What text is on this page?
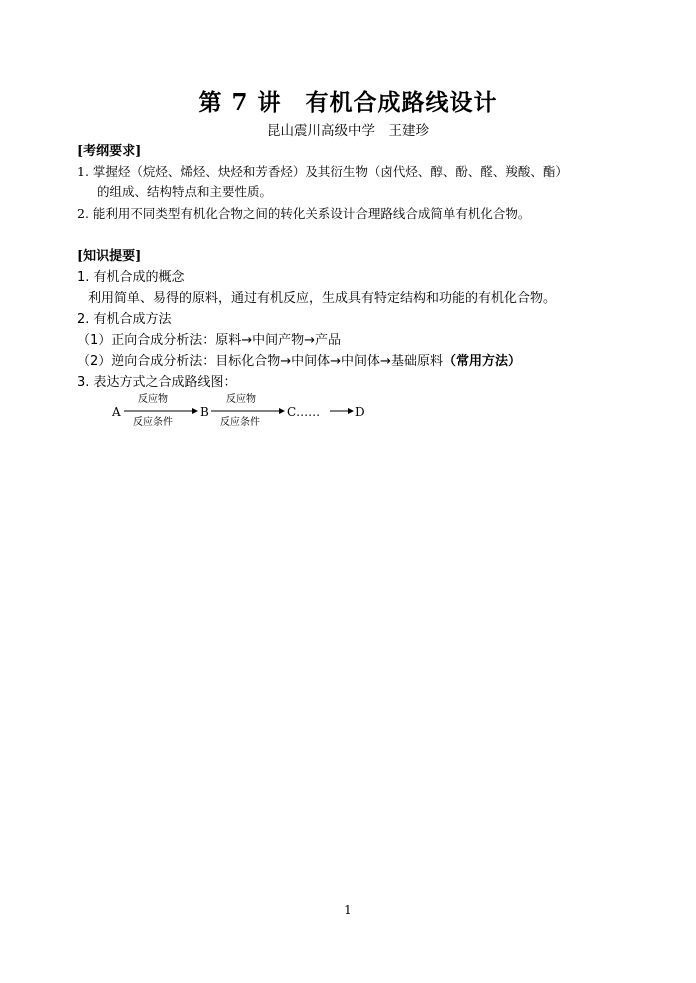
第 7 讲　有机合成路线设计
昆山震川高级中学　王建珍
[考纲要求]
1. 掌握烃（烷烃、烯烃、炔烃和芳香烃）及其衍生物（卤代烃、醇、酚、醛、羧酸、酯）
的组成、结构特点和主要性质。
2. 能利用不同类型有机化合物之间的转化关系设计合理路线合成简单有机化合物。
[知识提要]
1. 有机合成的概念
利用简单、易得的原料，通过有机反应，生成具有特定结构和功能的有机化合物。
2. 有机合成方法
（1）正向合成分析法：原料→中间产物→产品
（2）逆向合成分析法：目标化合物→中间体→中间体→基础原料（常用方法）
3. 表达方式之合成路线图：
A
反应物
反应条件
B
反应物
反应条件
C……	D
1
